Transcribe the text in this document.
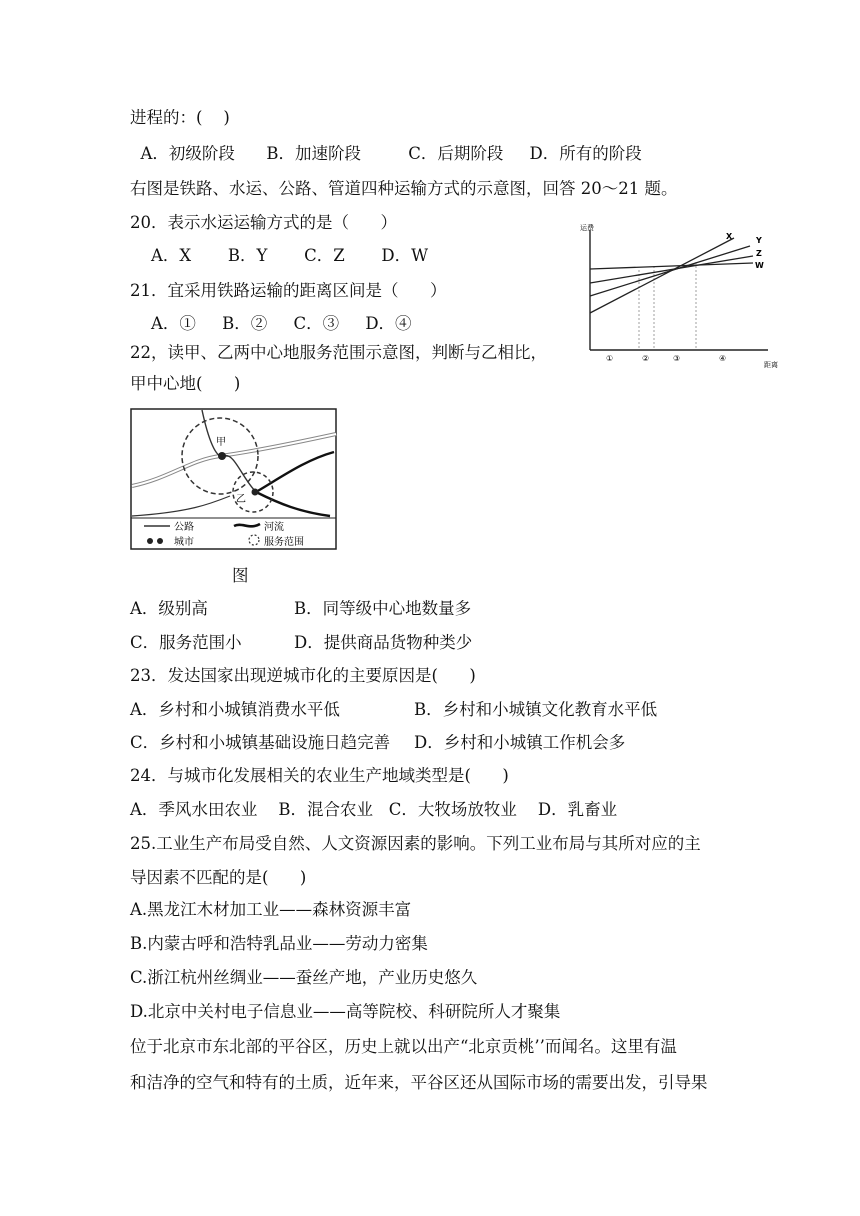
进程的：(    )
A．初级阶段      B．加速阶段         C．后期阶段     D．所有的阶段
右图是铁路、水运、公路、管道四种运输方式的示意图，回答 20～21 题。
20．表示水运运输方式的是（      ）
A．X       B．Y       C．Z       D．W
21．宜采用铁路运输的距离区间是（      ）
A．①     B．②     C．③     D．④
22，读甲、乙两中心地服务范围示意图，判断与乙相比，
甲中心地(      )
运费
距离
X	Y
Z
W
①	②	③	④
甲
乙
公路	河流
城市	服务范围
图
A．级别高	B．同等级中心地数量多
C．服务范围小	D．提供商品货物种类少
23．发达国家出现逆城市化的主要原因是(      )
A．乡村和小城镇消费水平低	B．乡村和小城镇文化教育水平低
C．乡村和小城镇基础设施日趋完善 D．乡村和小城镇工作机会多
24．与城市化发展相关的农业生产地域类型是(      )
A．季风水田农业    B．混合农业   C．大牧场放牧业    D．乳畜业
25.工业生产布局受自然、人文资源因素的影响。下列工业布局与其所对应的主
导因素不匹配的是(      )
A.黑龙江木材加工业——森林资源丰富
B.内蒙古呼和浩特乳品业——劳动力密集
C.浙江杭州丝绸业——蚕丝产地，产业历史悠久
D.北京中关村电子信息业——高等院校、科研院所人才聚集
位于北京市东北部的平谷区，历史上就以出产“北京贡桃’’而闻名。这里有温
和洁净的空气和特有的土质，近年来，平谷区还从国际市场的需要出发，引导果
